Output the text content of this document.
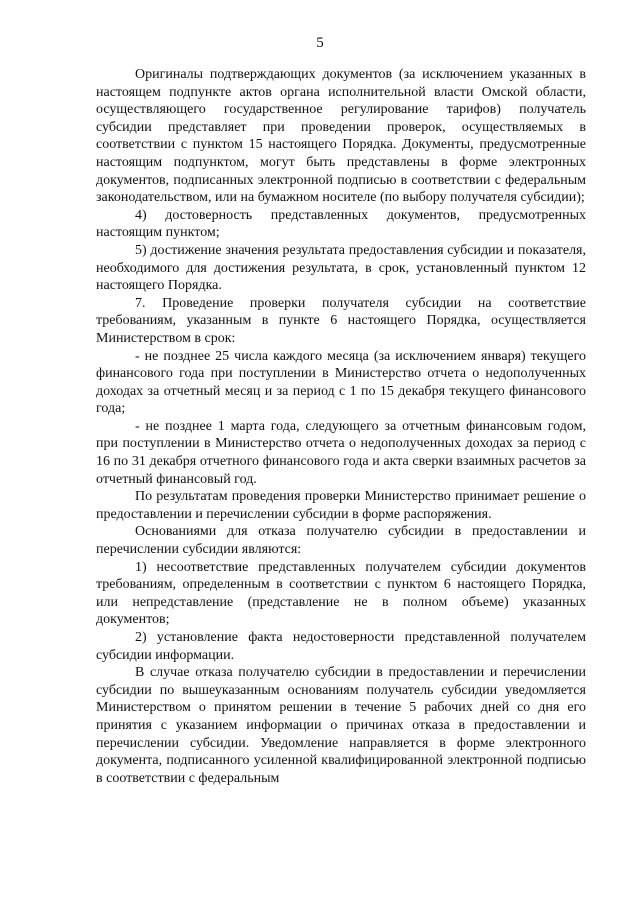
5

Оригиналы подтверждающих документов (за исключением указанных в настоящем подпункте актов органа исполнительной власти Омской области, осуществляющего государственное регулирование тарифов) получатель субсидии представляет при проведении проверок, осуществляемых в соответствии с пунктом 15 настоящего Порядка. Документы, предусмотренные настоящим подпунктом, могут быть представлены в форме электронных документов, подписанных электронной подписью в соответствии с федеральным законодательством, или на бумажном носителе (по выбору получателя субсидии);

4) достоверность представленных документов, предусмотренных настоящим пунктом;

5) достижение значения результата предоставления субсидии и показателя, необходимого для достижения результата, в срок, установленный пунктом 12 настоящего Порядка.

7. Проведение проверки получателя субсидии на соответствие требованиям, указанным в пункте 6 настоящего Порядка, осуществляется Министерством в срок:

- не позднее 25 числа каждого месяца (за исключением января) текущего финансового года при поступлении в Министерство отчета о недополученных доходах за отчетный месяц и за период с 1 по 15 декабря текущего финансового года;

- не позднее 1 марта года, следующего за отчетным финансовым годом, при поступлении в Министерство отчета о недополученных доходах за период с 16 по 31 декабря отчетного финансового года и акта сверки взаимных расчетов за отчетный финансовый год.

По результатам проведения проверки Министерство принимает решение о предоставлении и перечислении субсидии в форме распоряжения.

Основаниями для отказа получателю субсидии в предоставлении и перечислении субсидии являются:

1) несоответствие представленных получателем субсидии документов требованиям, определенным в соответствии с пунктом 6 настоящего Порядка, или непредставление (представление не в полном объеме) указанных документов;

2) установление факта недостоверности представленной получателем субсидии информации.

В случае отказа получателю субсидии в предоставлении и перечислении субсидии по вышеуказанным основаниям получатель субсидии уведомляется Министерством о принятом решении в течение 5 рабочих дней со дня его принятия с указанием информации о причинах отказа в предоставлении и перечислении субсидии. Уведомление направляется в форме электронного документа, подписанного усиленной квалифицированной электронной подписью в соответствии с федеральным
